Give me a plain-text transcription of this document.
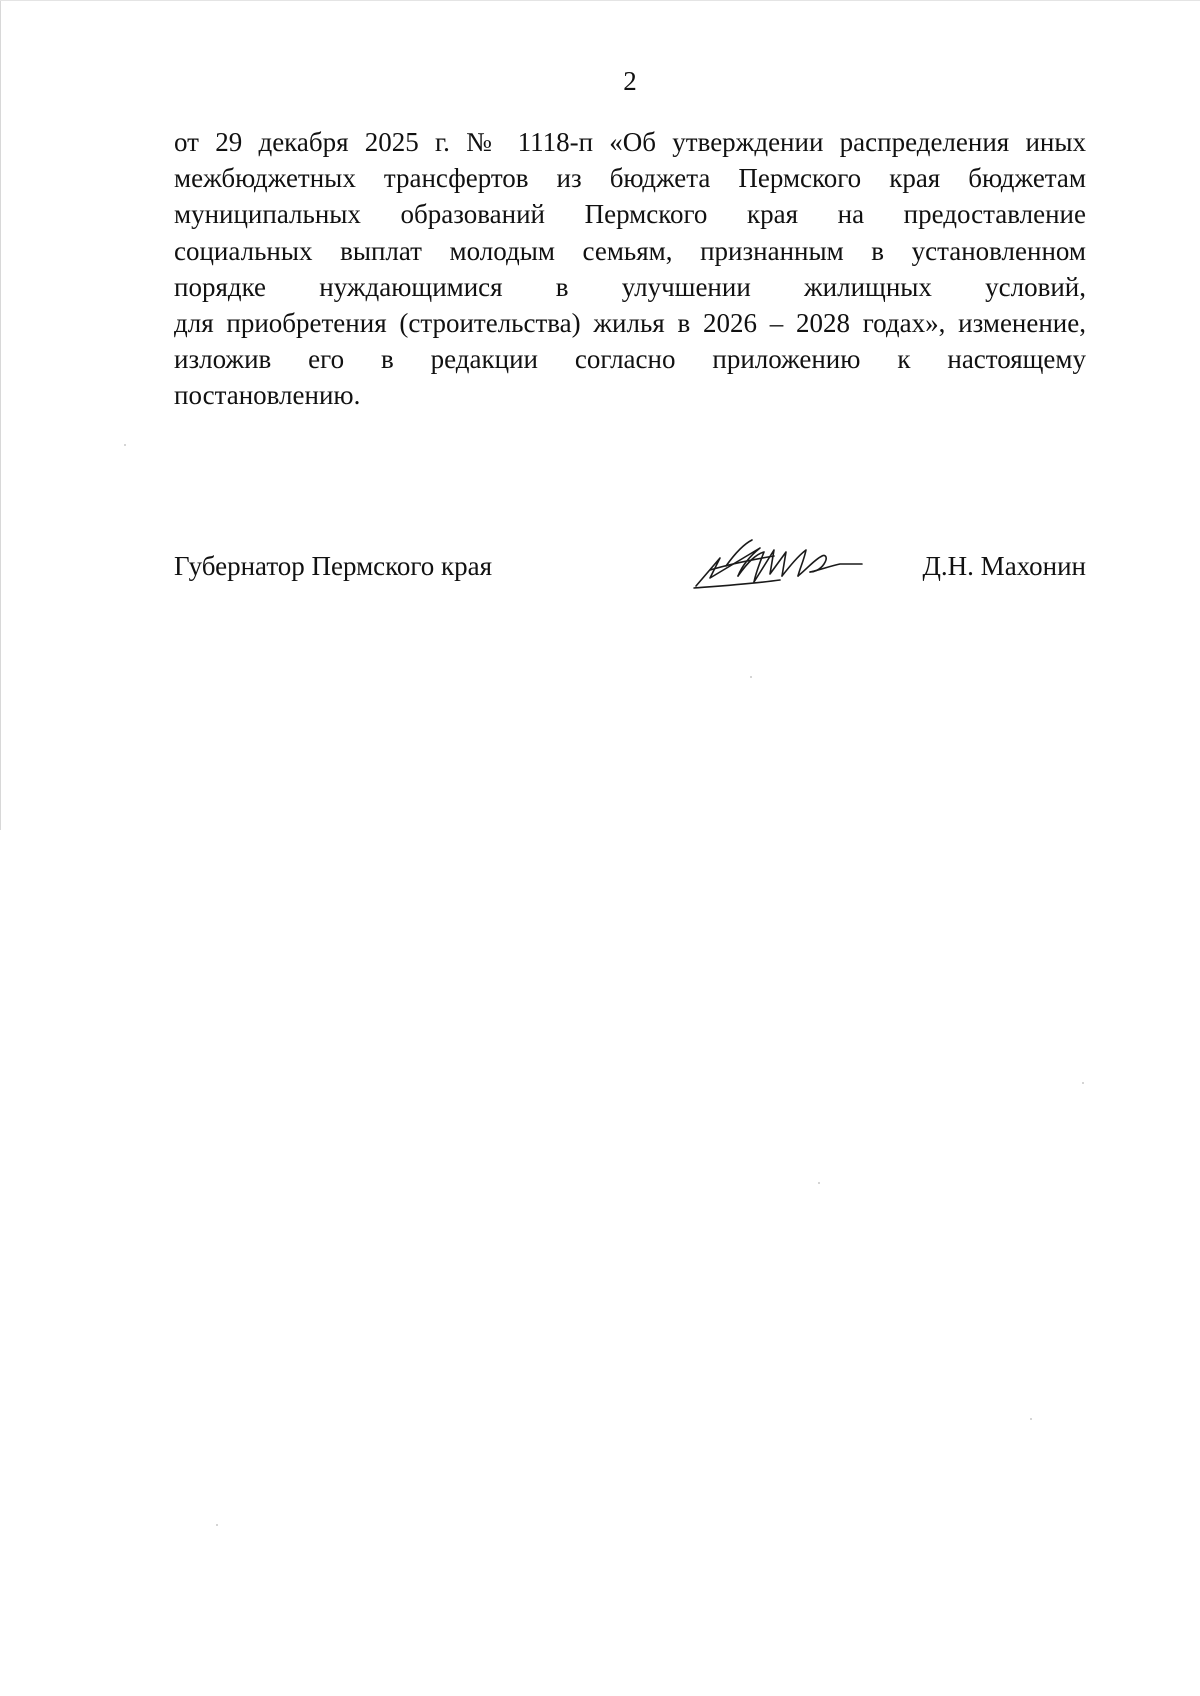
2
от 29 декабря 2025 г. № 1118-п «Об утверждении распределения иных
межбюджетных трансфертов из бюджета Пермского края бюджетам
муниципальных образований Пермского края на предоставление
социальных выплат молодым семьям, признанным в установленном
порядке нуждающимися в улучшении жилищных условий,
для приобретения (строительства) жилья в 2026 – 2028 годах», изменение,
изложив его в редакции согласно приложению к настоящему
постановлению.
Губернатор Пермского края	Д.Н. Махонин
